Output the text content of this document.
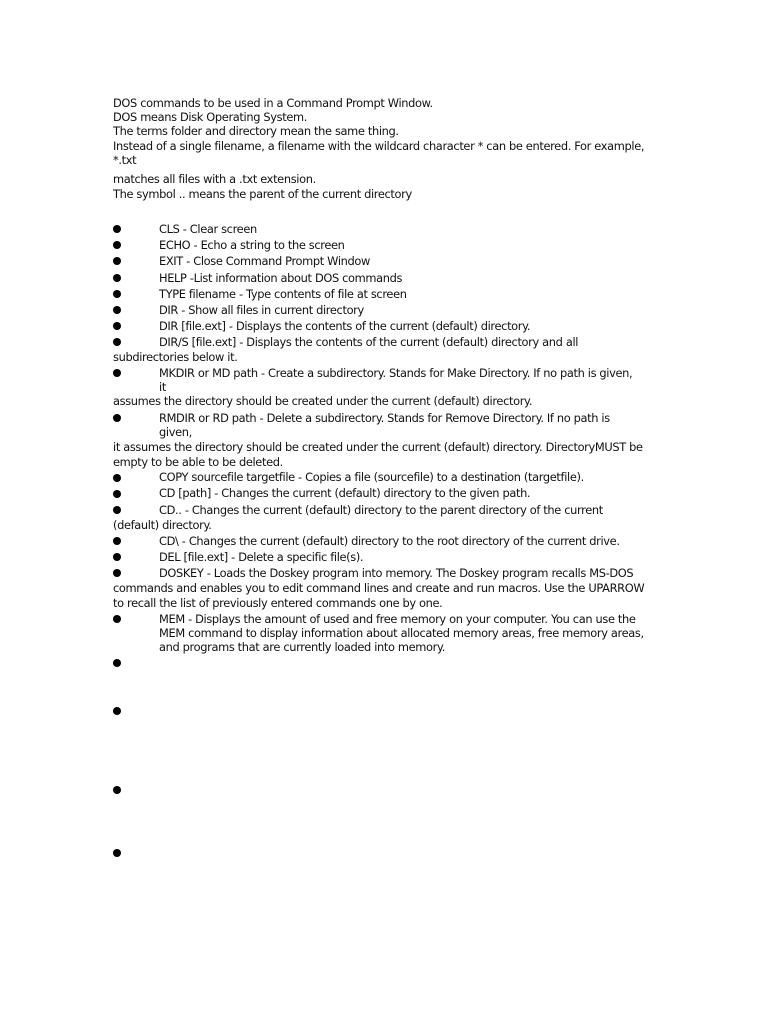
DOS commands to be used in a Command Prompt Window.
DOS means Disk Operating System.
The terms folder and directory mean the same thing.
Instead of a single filename, a filename with the wildcard character * can be entered. For example,
*.txt
matches all files with a .txt extension.
The symbol .. means the parent of the current directory
CLS - Clear screen
ECHO - Echo a string to the screen
EXIT - Close Command Prompt Window
HELP -List information about DOS commands
TYPE filename - Type contents of file at screen
DIR - Show all files in current directory
DIR [file.ext] - Displays the contents of the current (default) directory.
DIR/S [file.ext] - Displays the contents of the current (default) directory and all
subdirectories below it.
MKDIR or MD path - Create a subdirectory. Stands for Make Directory. If no path is given,
it
assumes the directory should be created under the current (default) directory.
RMDIR or RD path - Delete a subdirectory. Stands for Remove Directory. If no path is
given,
it assumes the directory should be created under the current (default) directory. DirectoryMUST be
empty to be able to be deleted.
COPY sourcefile targetfile - Copies a file (sourcefile) to a destination (targetfile).
CD [path] - Changes the current (default) directory to the given path.
CD.. - Changes the current (default) directory to the parent directory of the current
(default) directory.
CD\ - Changes the current (default) directory to the root directory of the current drive.
DEL [file.ext] - Delete a specific file(s).
DOSKEY - Loads the Doskey program into memory. The Doskey program recalls MS-DOS
commands and enables you to edit command lines and create and run macros. Use the UPARROW
to recall the list of previously entered commands one by one.
MEM - Displays the amount of used and free memory on your computer. You can use the
MEM command to display information about allocated memory areas, free memory areas,
and programs that are currently loaded into memory.
